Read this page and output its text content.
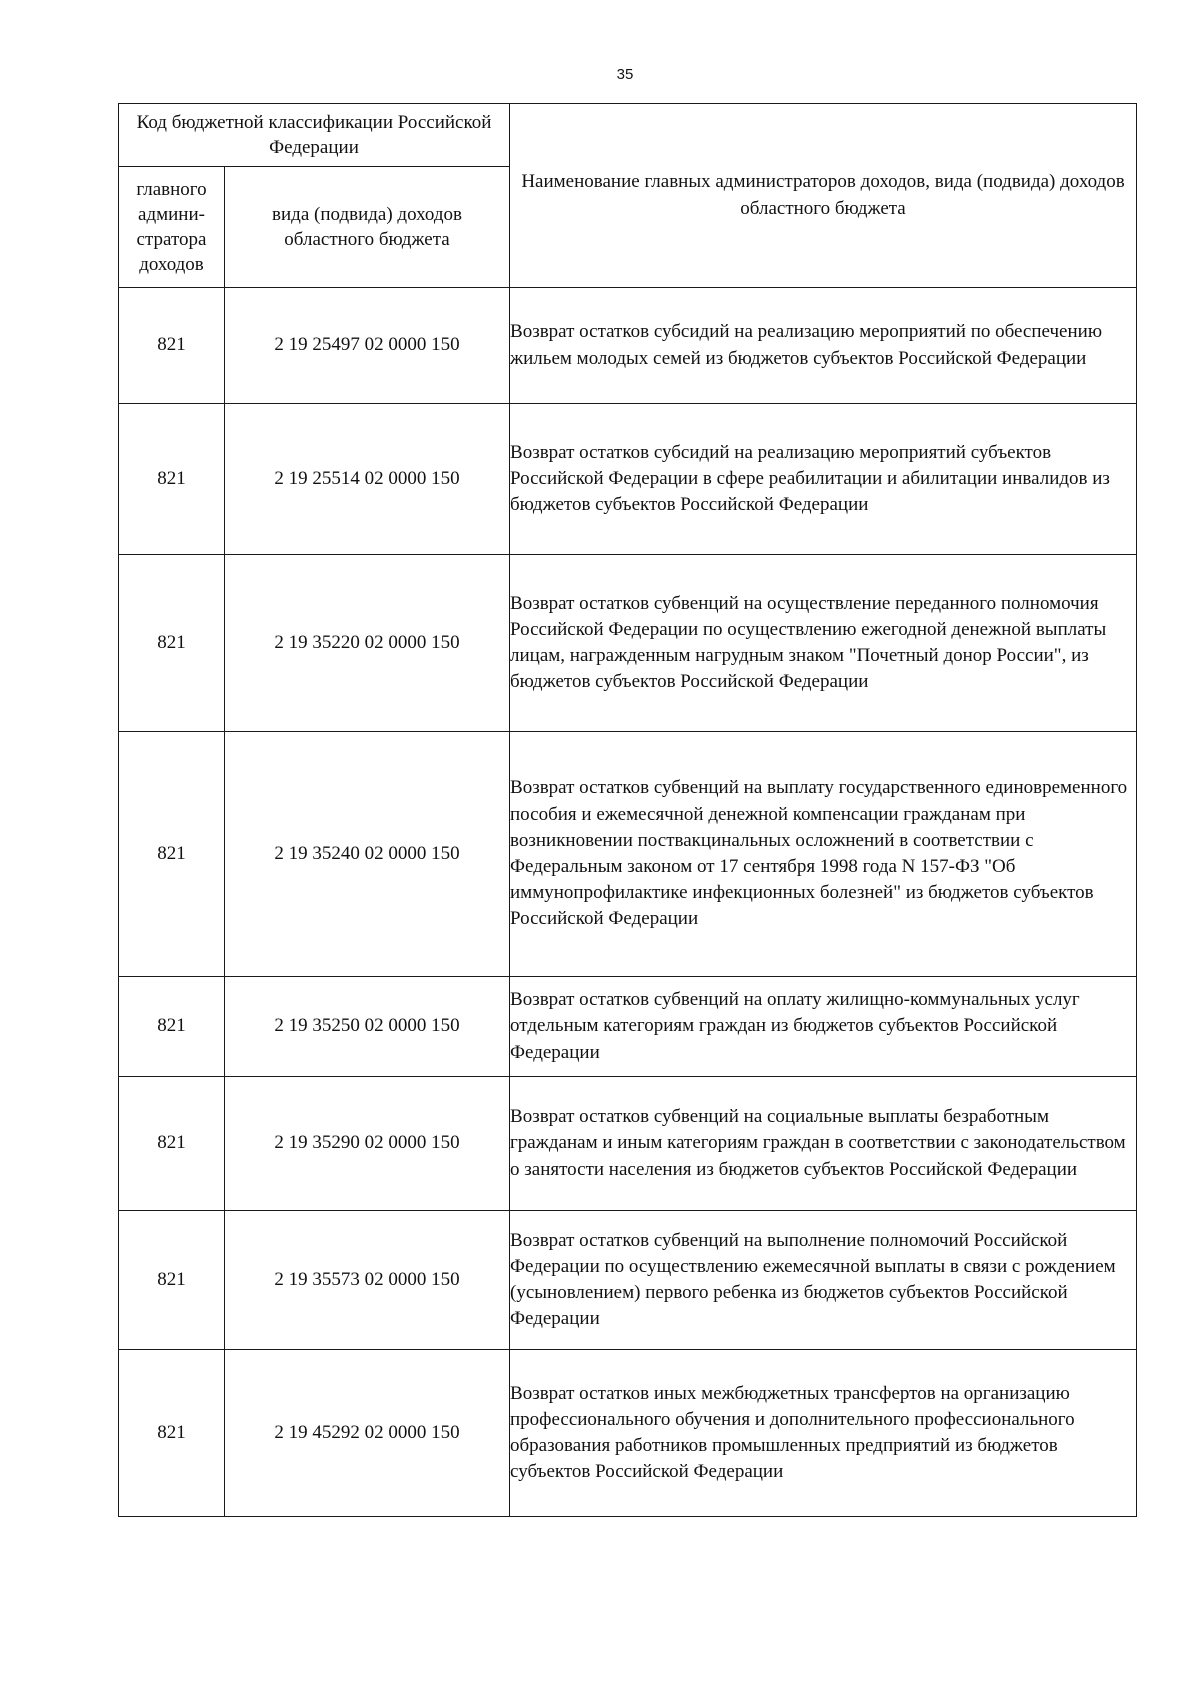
35
Код бюджетной классификации Российской Федерации		Наименование главных администраторов доходов, вида (подвида) доходов областного бюджета
главного админи- стратора доходов	вида (подвида) доходов областного бюджета	
821	2 19 25497 02 0000 150	Возврат остатков субсидий на реализацию мероприятий по обеспечению жильем молодых семей из бюджетов субъектов Российской Федерации
821	2 19 25514 02 0000 150	Возврат остатков субсидий на реализацию мероприятий субъектов Российской Федерации в сфере реабилитации и абилитации инвалидов из бюджетов субъектов Российской Федерации
821	2 19 35220 02 0000 150	Возврат остатков субвенций на осуществление переданного полномочия Российской Федерации по осуществлению ежегодной денежной выплаты лицам, награжденным нагрудным знаком "Почетный донор России", из бюджетов субъектов Российской Федерации
821	2 19 35240 02 0000 150	Возврат остатков субвенций на выплату государственного единовременного пособия и ежемесячной денежной компенсации гражданам при возникновении поствакцинальных осложнений в соответствии с Федеральным законом от 17 сентября 1998 года N 157-ФЗ "Об иммунопрофилактике инфекционных болезней" из бюджетов субъектов Российской Федерации
821	2 19 35250 02 0000 150	Возврат остатков субвенций на оплату жилищно-коммунальных услуг отдельным категориям граждан из бюджетов субъектов Российской Федерации
821	2 19 35290 02 0000 150	Возврат остатков субвенций на социальные выплаты безработным гражданам и иным категориям граждан в соответствии с законодательством о занятости населения из бюджетов субъектов Российской Федерации
821	2 19 35573 02 0000 150	Возврат остатков субвенций на выполнение полномочий Российской Федерации по осуществлению ежемесячной выплаты в связи с рождением (усыновлением) первого ребенка из бюджетов субъектов Российской Федерации
821	2 19 45292 02 0000 150	Возврат остатков иных межбюджетных трансфертов на организацию профессионального обучения и дополнительного профессионального образования работников промышленных предприятий из бюджетов субъектов Российской Федерации
